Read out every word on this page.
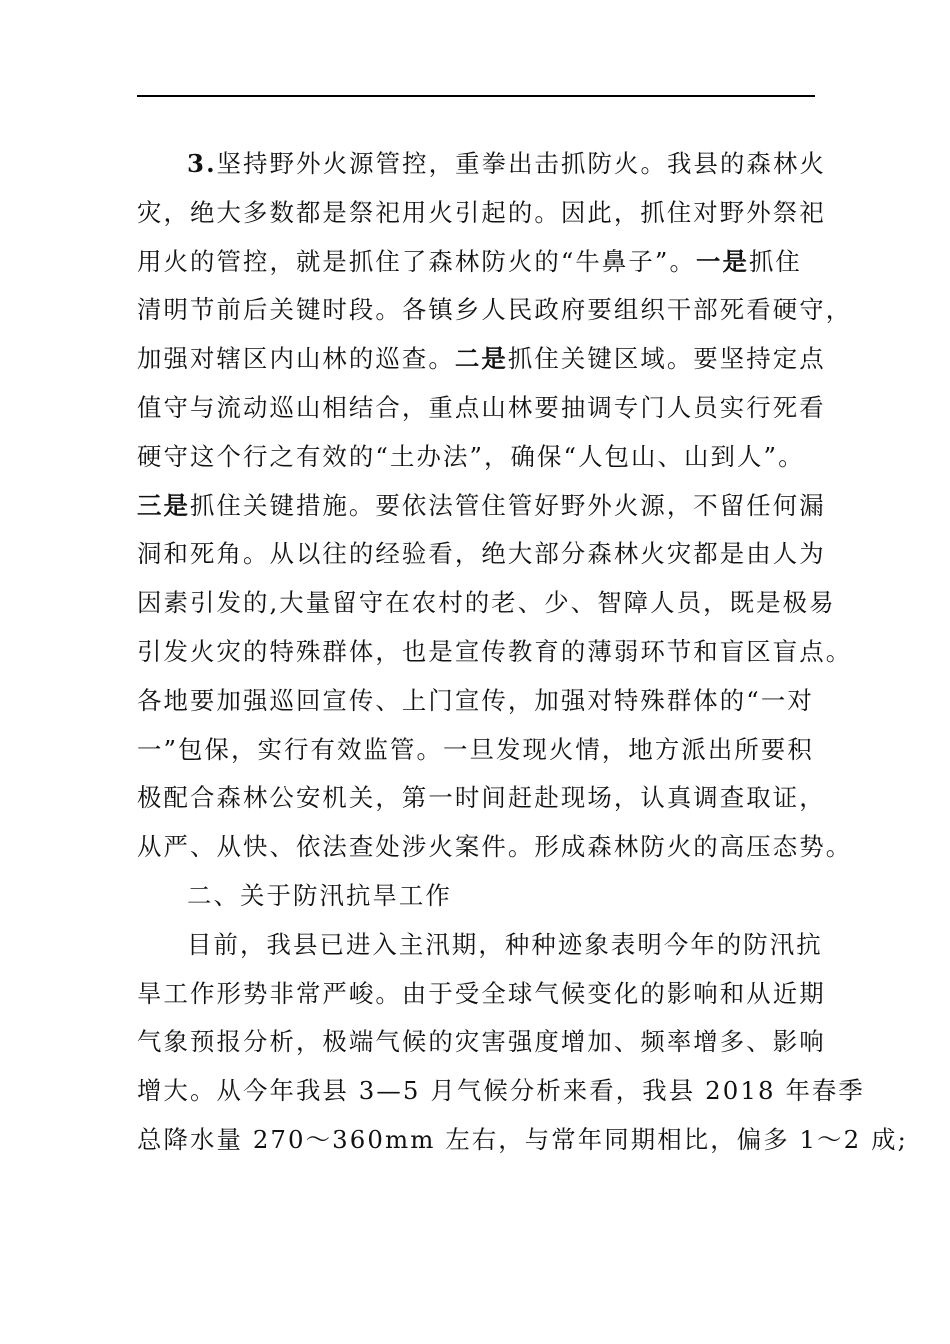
3.坚持野外火源管控，重拳出击抓防火。我县的森林火
灾，绝大多数都是祭祀用火引起的。因此，抓住对野外祭祀
用火的管控，就是抓住了森林防火的“牛鼻子”。一是抓住
清明节前后关键时段。各镇乡人民政府要组织干部死看硬守，
加强对辖区内山林的巡查。二是抓住关键区域。要坚持定点
值守与流动巡山相结合，重点山林要抽调专门人员实行死看
硬守这个行之有效的“土办法”，确保“人包山、山到人”。
三是抓住关键措施。要依法管住管好野外火源，不留任何漏
洞和死角。从以往的经验看，绝大部分森林火灾都是由人为
因素引发的,大量留守在农村的老、少、智障人员，既是极易
引发火灾的特殊群体，也是宣传教育的薄弱环节和盲区盲点。
各地要加强巡回宣传、上门宣传，加强对特殊群体的“一对
一”包保，实行有效监管。一旦发现火情，地方派出所要积
极配合森林公安机关，第一时间赶赴现场，认真调查取证，
从严、从快、依法查处涉火案件。形成森林防火的高压态势。
二、关于防汛抗旱工作
目前，我县已进入主汛期，种种迹象表明今年的防汛抗
旱工作形势非常严峻。由于受全球气候变化的影响和从近期
气象预报分析，极端气候的灾害强度增加、频率增多、影响
增大。从今年我县 3—5 月气候分析来看，我县 2018 年春季
总降水量 270～360mm 左右，与常年同期相比，偏多 1～2 成;
